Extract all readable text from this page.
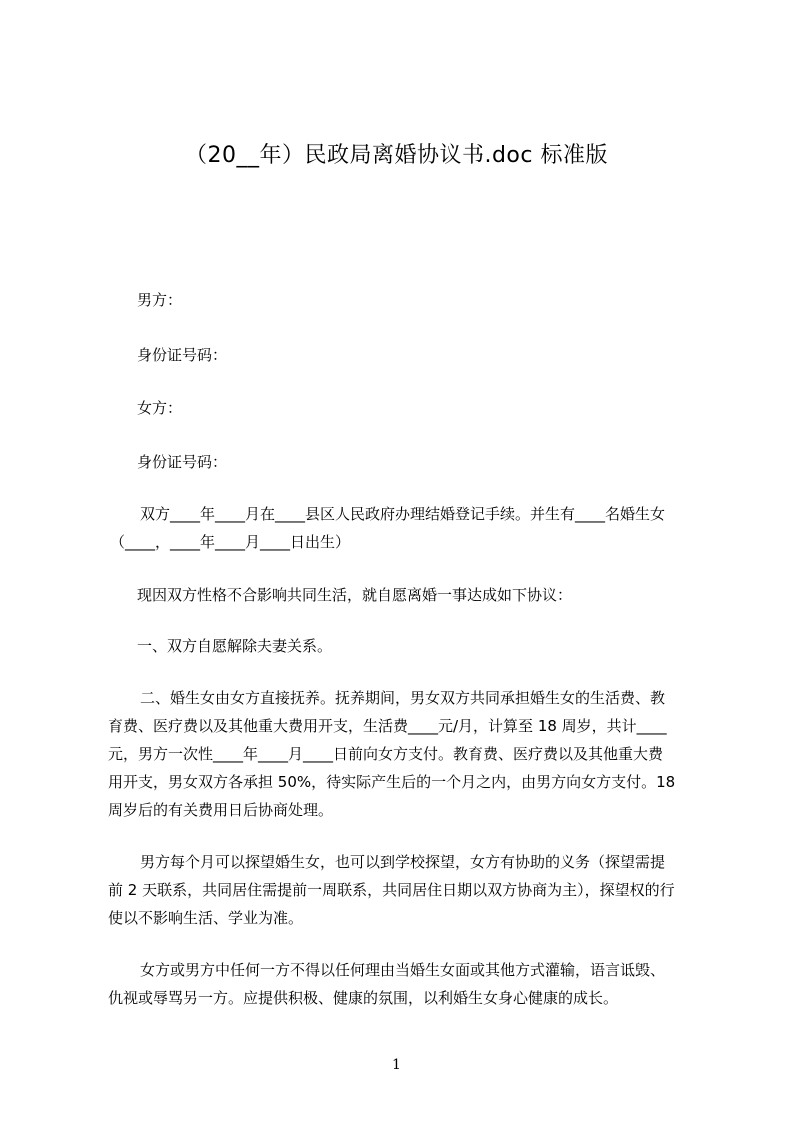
（20__年）民政局离婚协议书.doc 标准版
男方：
身份证号码：
女方：
身份证号码：
双方____年____月在____县区人民政府办理结婚登记手续。并生有____名婚生女
（____，____年____月____日出生）
现因双方性格不合影响共同生活，就自愿离婚一事达成如下协议：
一、双方自愿解除夫妻关系。
二、婚生女由女方直接抚养。抚养期间，男女双方共同承担婚生女的生活费、教
育费、医疗费以及其他重大费用开支，生活费____元/月，计算至 18 周岁，共计____
元，男方一次性____年____月____日前向女方支付。教育费、医疗费以及其他重大费
用开支，男女双方各承担 50%，待实际产生后的一个月之内，由男方向女方支付。18
周岁后的有关费用日后协商处理。
男方每个月可以探望婚生女，也可以到学校探望，女方有协助的义务（探望需提
前 2 天联系，共同居住需提前一周联系，共同居住日期以双方协商为主），探望权的行
使以不影响生活、学业为准。
女方或男方中任何一方不得以任何理由当婚生女面或其他方式灌输，语言诋毁、
仇视或辱骂另一方。应提供积极、健康的氛围，以利婚生女身心健康的成长。
1
